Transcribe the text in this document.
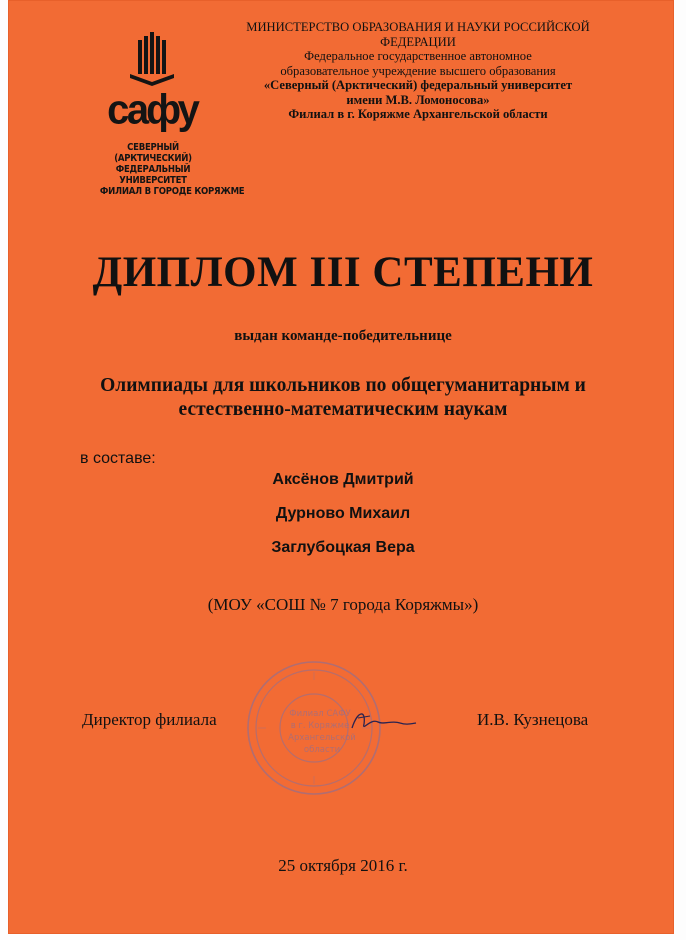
сафу
СЕВЕРНЫЙ
(АРКТИЧЕСКИЙ)
ФЕДЕРАЛЬНЫЙ
УНИВЕРСИТЕТ
ФИЛИАЛ В ГОРОДЕ КОРЯЖМЕ
МИНИСТЕРСТВО ОБРАЗОВАНИЯ И НАУКИ РОССИЙСКОЙ ФЕДЕРАЦИИ
Федеральное государственное автономное
образовательное учреждение высшего образования
«Северный (Арктический) федеральный университет
имени М.В. Ломоносова»
Филиал в г. Коряжме Архангельской области
ДИПЛОМ III СТЕПЕНИ
выдан команде-победительнице
Олимпиады для школьников по общегуманитарным и
естественно-математическим наукам
в составе:
Аксёнов Дмитрий
Дурново Михаил
Заглубоцкая Вера
(МОУ «СОШ № 7 города Коряжмы»)
Директор филиала	Филиал САФУ
в г. Коряжме
Архангельской
области
И.В. Кузнецова
25 октября 2016 г.
